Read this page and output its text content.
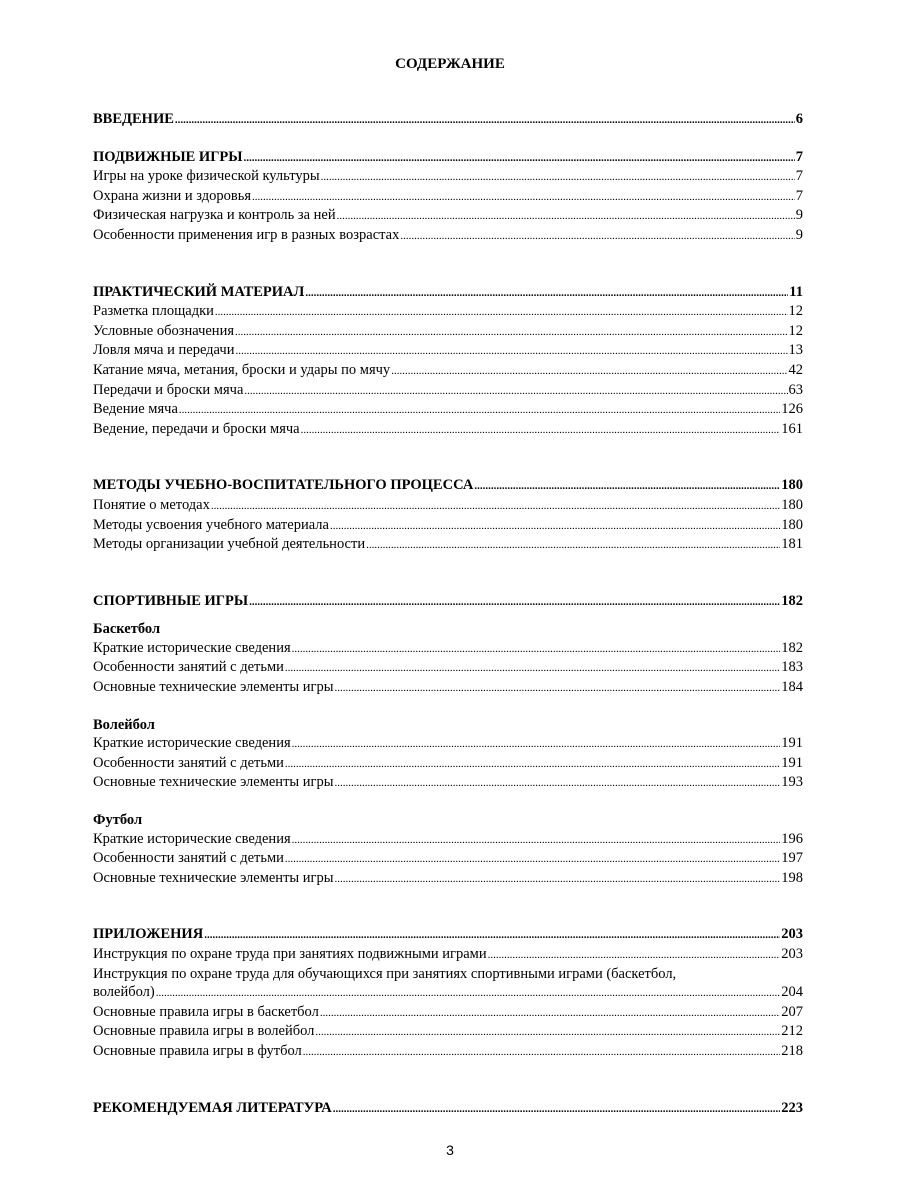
СОДЕРЖАНИЕ
ВВЕДЕНИЕ .....	6
ПОДВИЖНЫЕ ИГРЫ .....	7
Игры на уроке физической культуры .....	7
Охрана жизни и здоровья .....	7
Физическая нагрузка и контроль за ней .....	9
Особенности применения игр в разных возрастах .....	9
ПРАКТИЧЕСКИЙ МАТЕРИАЛ .....	11
Разметка площадки .....	12
Условные обозначения .....	12
Ловля мяча и передачи .....	13
Катание мяча, метания, броски и удары по мячу .....	42
Передачи и броски мяча .....	63
Ведение мяча .....	126
Ведение, передачи и броски мяча .....	161
МЕТОДЫ УЧЕБНО-ВОСПИТАТЕЛЬНОГО ПРОЦЕССА .....	180
Понятие о методах .....	180
Методы усвоения учебного материала .....	180
Методы организации учебной деятельности .....	181
СПОРТИВНЫЕ ИГРЫ .....	182
Баскетбол
Краткие исторические сведения .....	182
Особенности занятий с детьми .....	183
Основные технические элементы игры .....	184
Волейбол
Краткие исторические сведения .....	191
Особенности занятий с детьми .....	191
Основные технические элементы игры .....	193
Футбол
Краткие исторические сведения .....	196
Особенности занятий с детьми .....	197
Основные технические элементы игры .....	198
ПРИЛОЖЕНИЯ .....	203
Инструкция по охране труда при занятиях подвижными играми .....	203
Инструкция по охране труда для обучающихся при занятиях спортивными играми (баскетбол,
волейбол) .....	204
Основные правила игры в баскетбол .....	207
Основные правила игры в волейбол .....	212
Основные правила игры в футбол .....	218
РЕКОМЕНДУЕМАЯ ЛИТЕРАТУРА .....	223
3
